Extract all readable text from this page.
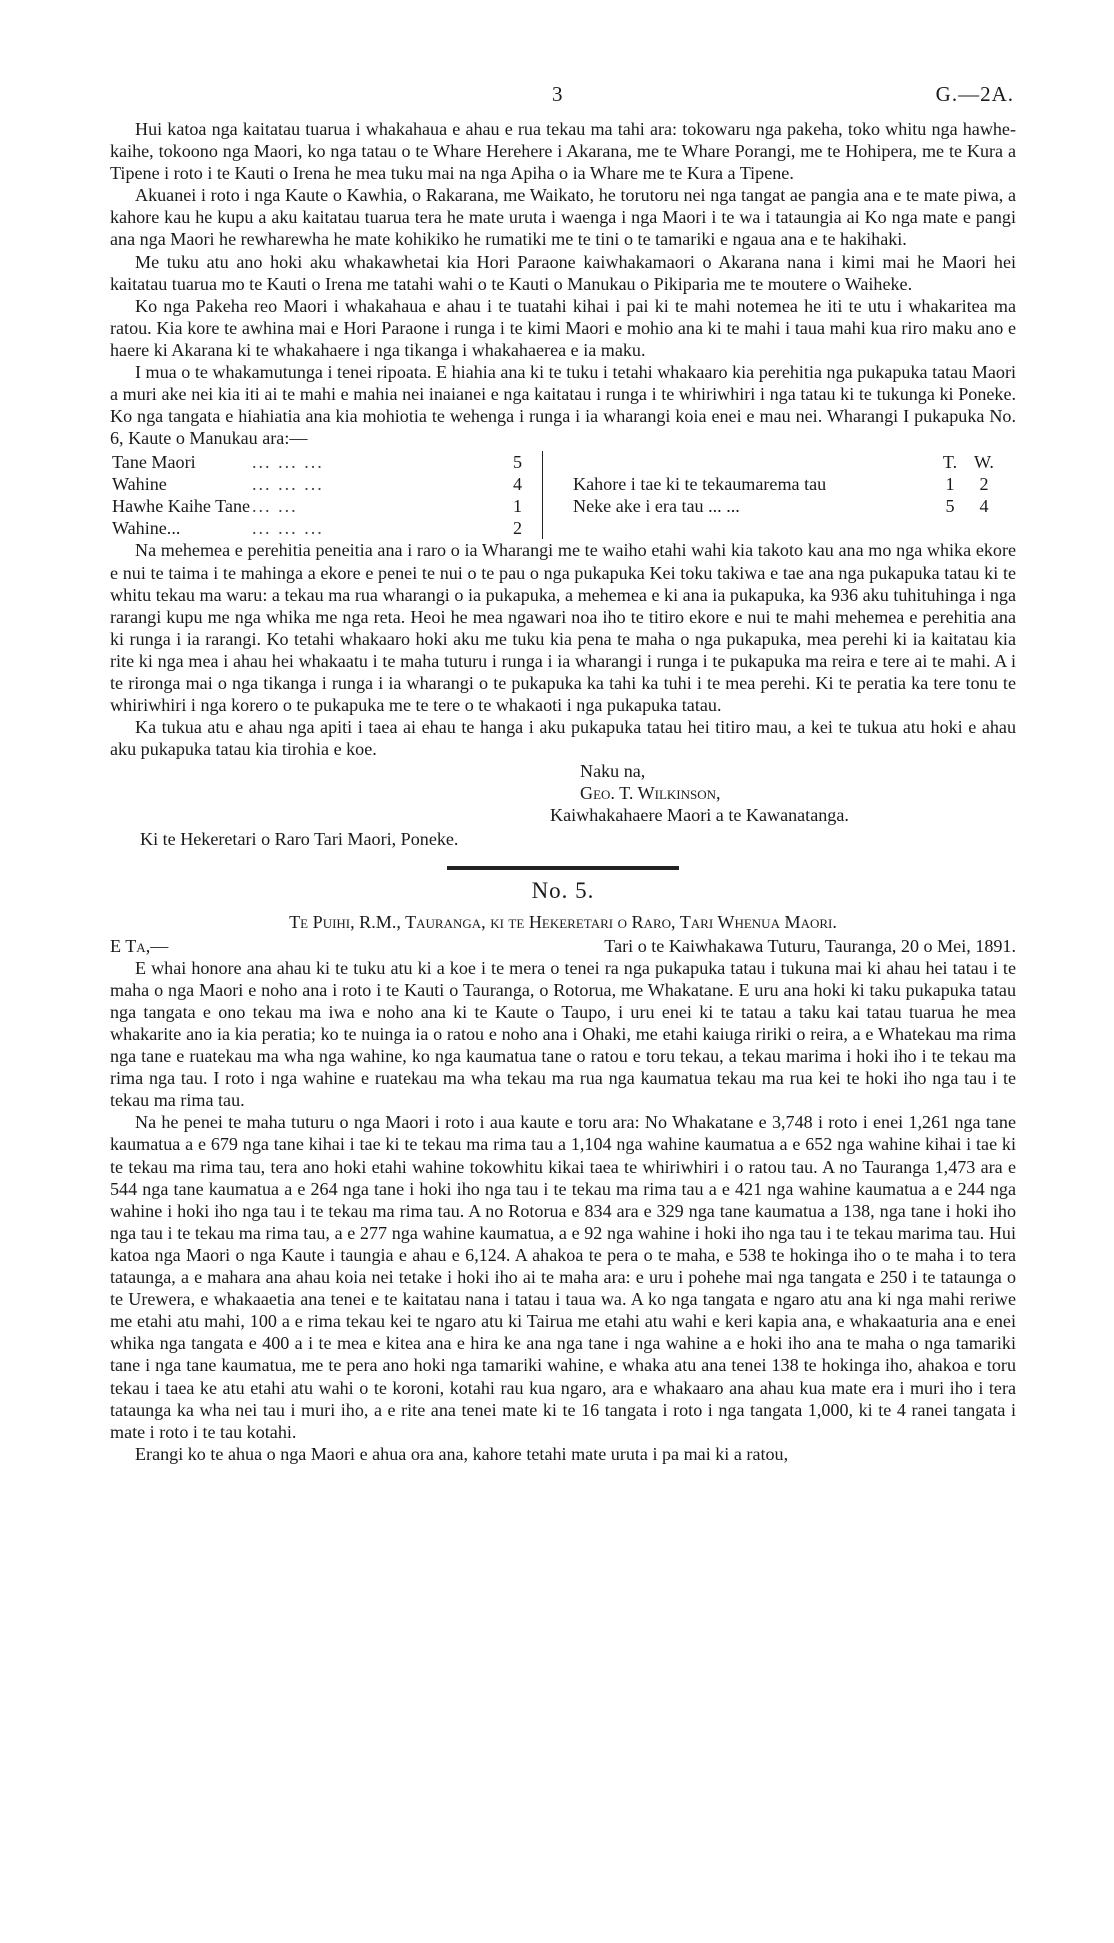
3	G.—2A.

Hui katoa nga kaitatau tuarua i whakahaua e ahau e rua tekau ma tahi ara: tokowaru nga pakeha, toko whitu nga hawhe-kaihe, tokoono nga Maori, ko nga tatau o te Whare Herehere i Akarana, me te Whare Porangi, me te Hohipera, me te Kura a Tipene i roto i te Kauti o Irena he mea tuku mai na nga Apiha o ia Whare me te Kura a Tipene.

Akuanei i roto i nga Kaute o Kawhia, o Rakarana, me Waikato, he torutoru nei nga tangat ae pangia ana e te mate piwa, a kahore kau he kupu a aku kaitatau tuarua tera he mate uruta i waenga i nga Maori i te wa i tataungia ai Ko nga mate e pangi ana nga Maori he rewharewha he mate kohikiko he rumatiki me te tini o te tamariki e ngaua ana e te hakihaki.

Me tuku atu ano hoki aku whakawhetai kia Hori Paraone kaiwhakamaori o Akarana nana i kimi mai he Maori hei kaitatau tuarua mo te Kauti o Irena me tatahi wahi o te Kauti o Manukau o Pikiparia me te moutere o Waiheke.

Ko nga Pakeha reo Maori i whakahaua e ahau i te tuatahi kihai i pai ki te mahi notemea he iti te utu i whakaritea ma ratou. Kia kore te awhina mai e Hori Paraone i runga i te kimi Maori e mohio ana ki te mahi i taua mahi kua riro maku ano e haere ki Akarana ki te whakahaere i nga tikanga i whakahaerea e ia maku.

I mua o te whakamutunga i tenei ripoata. E hiahia ana ki te tuku i tetahi whakaaro kia perehitia nga pukapuka tatau Maori a muri ake nei kia iti ai te mahi e mahia nei inaianei e nga kaitatau i runga i te whiriwhiri i nga tatau ki te tukunga ki Poneke. Ko nga tangata e hiahiatia ana kia mohiotia te wehenga i runga i ia wharangi koia enei e mau nei. Wharangi I pukapuka No. 6, Kaute o Manukau ara:—

Tane Maori	... ... ...	5
Wahine	... ... ...	4
Hawhe Kaihe Tane ... ...	1
Wahine...	... ... ...	2
T. W.
Kahore i tae ki te tekaumarema tau	1	2
Neke ake i era tau ... ...	5	4

Na mehemea e perehitia peneitia ana i raro o ia Wharangi me te waiho etahi wahi kia takoto kau ana mo nga whika ekore e nui te taima i te mahinga a ekore e penei te nui o te pau o nga pukapuka Kei toku takiwa e tae ana nga pukapuka tatau ki te whitu tekau ma waru: a tekau ma rua wharangi o ia pukapuka, a mehemea e ki ana ia pukapuka, ka 936 aku tuhituhinga i nga rarangi kupu me nga whika me nga reta. Heoi he mea ngawari noa iho te titiro ekore e nui te mahi mehemea e perehitia ana ki runga i ia rarangi. Ko tetahi whakaaro hoki aku me tuku kia pena te maha o nga pukapuka, mea perehi ki ia kaitatau kia rite ki nga mea i ahau hei whakaatu i te maha tuturu i runga i ia wharangi i runga i te pukapuka ma reira e tere ai te mahi. A i te rironga mai o nga tikanga i runga i ia wharangi o te pukapuka ka tahi ka tuhi i te mea perehi. Ki te peratia ka tere tonu te whiriwhiri i nga korero o te pukapuka me te tere o te whakaoti i nga pukapuka tatau.

Ka tukua atu e ahau nga apiti i taea ai ehau te hanga i aku pukapuka tatau hei titiro mau, a kei te tukua atu hoki e ahau aku pukapuka tatau kia tirohia e koe.

Naku na,
Geo. T. Wilkinson,
Kaiwhakahaere Maori a te Kawanatanga.
Ki te Hekeretari o Raro Tari Maori, Poneke.
No. 5.
Te Puihi, R.M., Tauranga, ki te Hekeretari o Raro, Tari Whenua Maori.
E Ta,—	Tari o te Kaiwhakawa Tuturu, Tauranga, 20 o Mei, 1891.

E whai honore ana ahau ki te tuku atu ki a koe i te mera o tenei ra nga pukapuka tatau i tukuna mai ki ahau hei tatau i te maha o nga Maori e noho ana i roto i te Kauti o Tauranga, o Rotorua, me Whakatane. E uru ana hoki ki taku pukapuka tatau nga tangata e ono tekau ma iwa e noho ana ki te Kaute o Taupo, i uru enei ki te tatau a taku kai tatau tuarua he mea whakarite ano ia kia peratia; ko te nuinga ia o ratou e noho ana i Ohaki, me etahi kaiuga ririki o reira, a e Whatekau ma rima nga tane e ruatekau ma wha nga wahine, ko nga kaumatua tane o ratou e toru tekau, a tekau marima i hoki iho i te tekau ma rima nga tau. I roto i nga wahine e ruatekau ma wha tekau ma rua nga kaumatua tekau ma rua kei te hoki iho nga tau i te tekau ma rima tau.

Na he penei te maha tuturu o nga Maori i roto i aua kaute e toru ara: No Whakatane e 3,748 i roto i enei 1,261 nga tane kaumatua a e 679 nga tane kihai i tae ki te tekau ma rima tau a 1,104 nga wahine kaumatua a e 652 nga wahine kihai i tae ki te tekau ma rima tau, tera ano hoki etahi wahine tokowhitu kikai taea te whiriwhiri i o ratou tau. A no Tauranga 1,473 ara e 544 nga tane kaumatua a e 264 nga tane i hoki iho nga tau i te tekau ma rima tau a e 421 nga wahine kaumatua a e 244 nga wahine i hoki iho nga tau i te tekau ma rima tau. A no Rotorua e 834 ara e 329 nga tane kaumatua a 138, nga tane i hoki iho nga tau i te tekau ma rima tau, a e 277 nga wahine kaumatua, a e 92 nga wahine i hoki iho nga tau i te tekau marima tau. Hui katoa nga Maori o nga Kaute i taungia e ahau e 6,124. A ahakoa te pera o te maha, e 538 te hokinga iho o te maha i to tera tataunga, a e mahara ana ahau koia nei tetake i hoki iho ai te maha ara: e uru i pohehe mai nga tangata e 250 i te tataunga o te Urewera, e whakaaetia ana tenei e te kaitatau nana i tatau i taua wa. A ko nga tangata e ngaro atu ana ki nga mahi reriwe me etahi atu mahi, 100 a e rima tekau kei te ngaro atu ki Tairua me etahi atu wahi e keri kapia ana, e whakaaturia ana e enei whika nga tangata e 400 a i te mea e kitea ana e hira ke ana nga tane i nga wahine a e hoki iho ana te maha o nga tamariki tane i nga tane kaumatua, me te pera ano hoki nga tamariki wahine, e whaka atu ana tenei 138 te hokinga iho, ahakoa e toru tekau i taea ke atu etahi atu wahi o te koroni, kotahi rau kua ngaro, ara e whakaaro ana ahau kua mate era i muri iho i tera tataunga ka wha nei tau i muri iho, a e rite ana tenei mate ki te 16 tangata i roto i nga tangata 1,000, ki te 4 ranei tangata i mate i roto i te tau kotahi.

Erangi ko te ahua o nga Maori e ahua ora ana, kahore tetahi mate uruta i pa mai ki a ratou,
